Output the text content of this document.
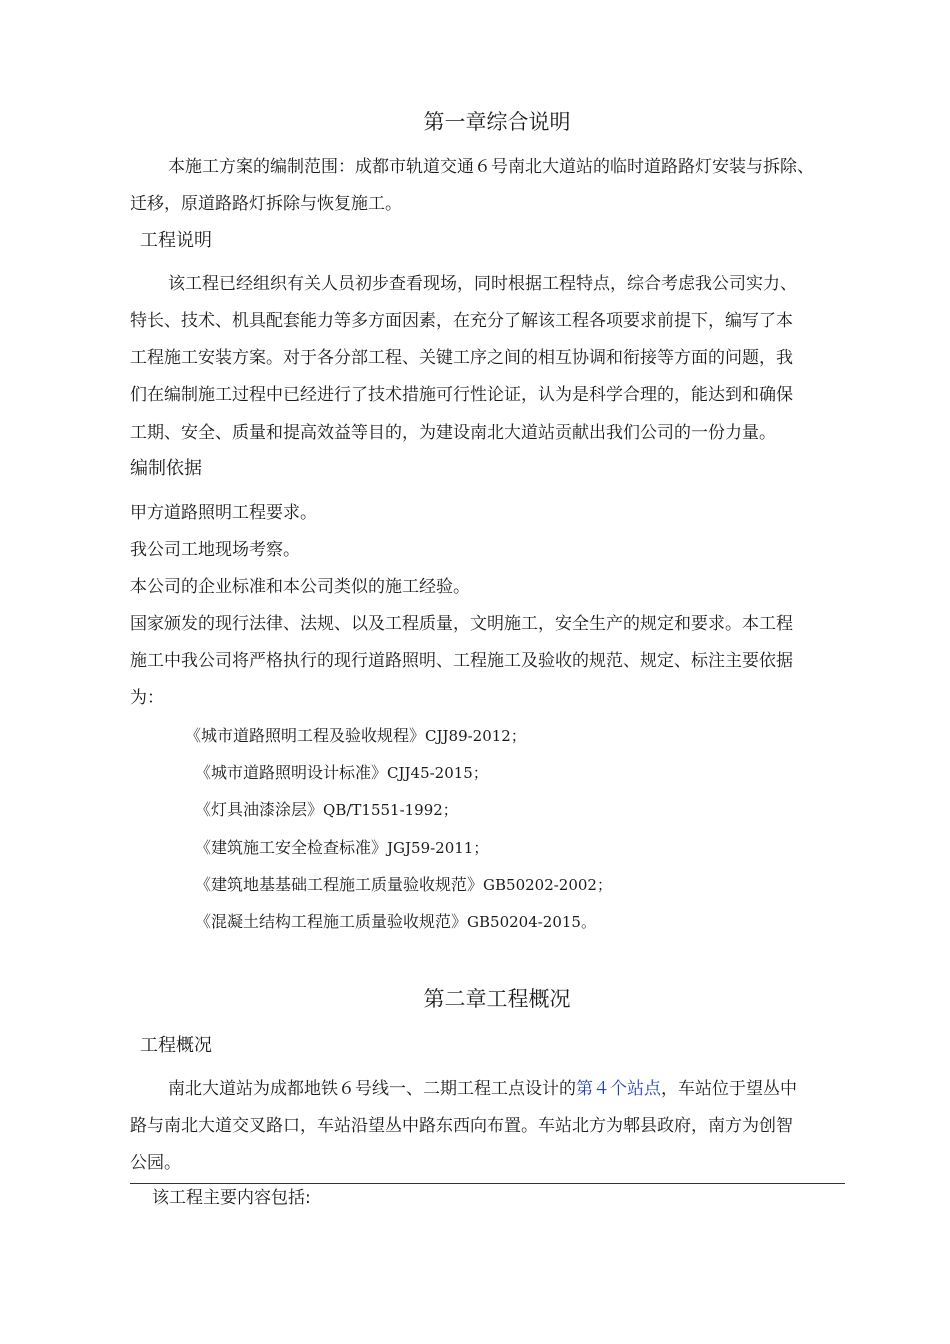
第一章综合说明
本施工方案的编制范围：成都市轨道交通６号南北大道站的临时道路路灯安装与拆除、
迁移，原道路路灯拆除与恢复施工。
工程说明
该工程已经组织有关人员初步查看现场，同时根据工程特点，综合考虑我公司实力、
特长、技术、机具配套能力等多方面因素，在充分了解该工程各项要求前提下，编写了本
工程施工安装方案。对于各分部工程、关键工序之间的相互协调和衔接等方面的问题，我
们在编制施工过程中已经进行了技术措施可行性论证，认为是科学合理的，能达到和确保
工期、安全、质量和提高效益等目的，为建设南北大道站贡献出我们公司的一份力量。
编制依据
甲方道路照明工程要求。
我公司工地现场考察。
本公司的企业标准和本公司类似的施工经验。
国家颁发的现行法律、法规、以及工程质量，文明施工，安全生产的规定和要求。本工程
施工中我公司将严格执行的现行道路照明、工程施工及验收的规范、规定、标注主要依据
为：
《城市道路照明工程及验收规程》CJJ89-2012；
《城市道路照明设计标准》CJJ45-2015；
《灯具油漆涂层》QB/T1551-1992；
《建筑施工安全检查标准》JGJ59-2011；
《建筑地基基础工程施工质量验收规范》GB50202-2002；
《混凝土结构工程施工质量验收规范》GB50204-2015。
第二章工程概况
工程概况
南北大道站为成都地铁６号线一、二期工程工点设计的第４个站点，车站位于望丛中
路与南北大道交叉路口，车站沿望丛中路东西向布置。车站北方为郫县政府，南方为创智
公园。
该工程主要内容包括:
